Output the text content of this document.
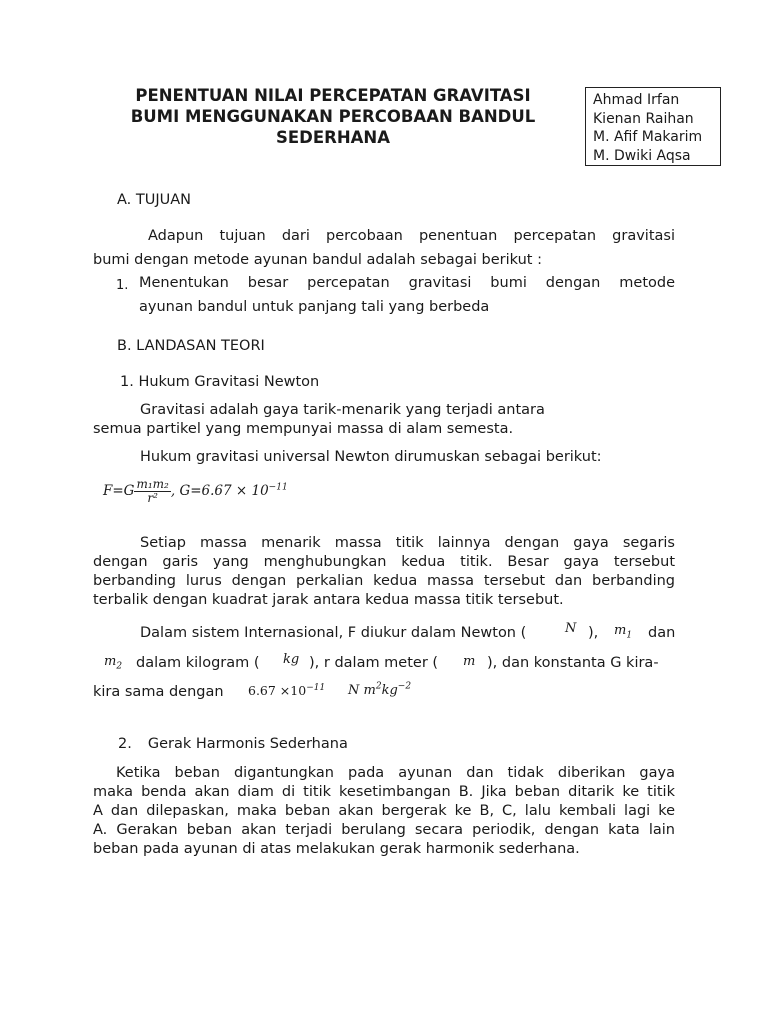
PENENTUAN NILAI PERCEPATAN GRAVITASI
BUMI MENGGUNAKAN PERCOBAAN BANDUL
SEDERHANA
Ahmad Irfan
Kienan Raihan
M. Afif Makarim
M. Dwiki Aqsa
A. TUJUAN
Adapun tujuan dari percobaan penentuan percepatan gravitasi
bumi dengan metode ayunan bandul adalah sebagai berikut :
1. Menentukan besar percepatan gravitasi bumi dengan metode
ayunan bandul untuk panjang tali yang berbeda
B. LANDASAN TEORI
1. Hukum Gravitasi Newton
Gravitasi adalah gaya tarik-menarik yang terjadi antara
semua partikel yang mempunyai massa di alam semesta.
Hukum gravitasi universal Newton dirumuskan sebagai berikut:
$F=G \frac{\text{m₁m₂}}{\text{r²}}$ , $G=6.67 \times 10^{-11}$
Setiap massa menarik massa titik lainnya dengan gaya segaris
dengan garis yang menghubungkan kedua titik. Besar gaya tersebut
berbanding lurus dengan perkalian kedua massa tersebut dan berbanding
terbalik dengan kuadrat jarak antara kedua massa titik tersebut.
Dalam sistem Internasional, F diukur dalam Newton (	N ), $m_1$ dan
$m_2$ dalam kilogram ( kg ), r dalam meter ( m ), dan konstanta G kira-
kira sama dengan $6.67 \times 10^{-11}$ N $m^2kg^{-2}$
2. Gerak Harmonis Sederhana
Ketika beban digantungkan pada ayunan dan tidak diberikan gaya
maka benda akan diam di titik kesetimbangan B. Jika beban ditarik ke titik
A dan dilepaskan, maka beban akan bergerak ke B, C, lalu kembali lagi ke
A. Gerakan beban akan terjadi berulang secara periodik, dengan kata lain
beban pada ayunan di atas melakukan gerak harmonik sederhana.
